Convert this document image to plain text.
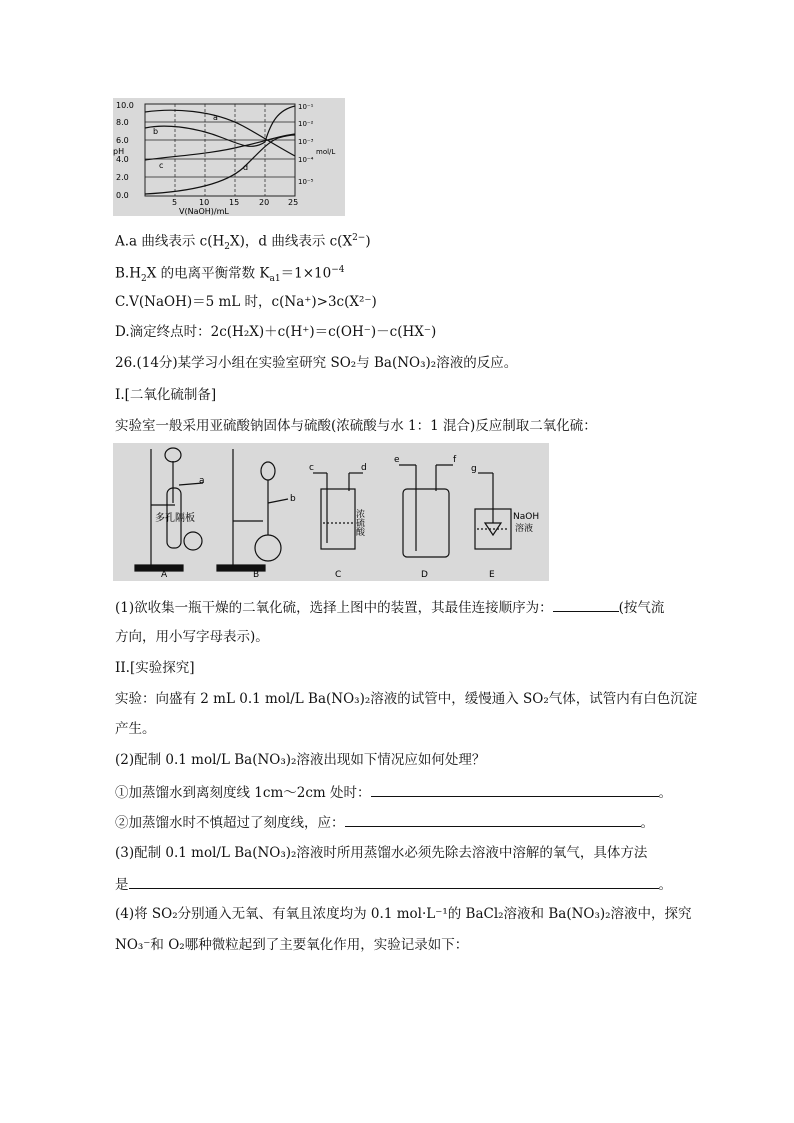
10.0
8.0
6.0
4.0
2.0
0.0
pH
10⁻¹
10⁻²
10⁻³
10⁻⁴
10⁻⁵
mol/L
5	10 15 20 25
V(NaOH)/mL
a
b
c	d
A.a 曲线表示 $c(H_2X)$，d 曲线表示 $c(X^{2-})$
$B.H_2X$ 的电离平衡常数 $K_{a1}=1\times 10^{-4}$
C.V(NaOH)＝5 mL 时，c(Na⁺)>3c(X²⁻)
D.滴定终点时：2c(H₂X)＋c(H⁺)＝c(OH⁻)－c(HX⁻)
26.(14分)某学习小组在实验室研究 SO₂与 Ba(NO₃)₂溶液的反应。
I.[二氧化硫制备]
实验室一般采用亚硫酸钠固体与硫酸(浓硫酸与水 1：1 混合)反应制取二氧化硫：
a
b
c	d
e	f
g
多孔隔板	浓硫酸	NaOH
溶液
A	B	C	D	E
(1)欲收集一瓶干燥的二氧化硫，选择上图中的装置，其最佳连接顺序为：	(按气流
方向，用小写字母表示)。
II.[实验探究]
实验：向盛有 2 mL 0.1 mol/L Ba(NO₃)₂溶液的试管中，缓慢通入 SO₂气体，试管内有白色沉淀
产生。
(2)配制 0.1 mol/L Ba(NO₃)₂溶液出现如下情况应如何处理？
①加蒸馏水到离刻度线 1cm～2cm 处时：	。
②加蒸馏水时不慎超过了刻度线，应：	。
(3)配制 0.1 mol/L Ba(NO₃)₂溶液时所用蒸馏水必须先除去溶液中溶解的氧气，具体方法
是	。
(4)将 SO₂分别通入无氧、有氧且浓度均为 0.1 mol·L⁻¹的 BaCl₂溶液和 Ba(NO₃)₂溶液中，探究
NO₃⁻和 O₂哪种微粒起到了主要氧化作用，实验记录如下：
